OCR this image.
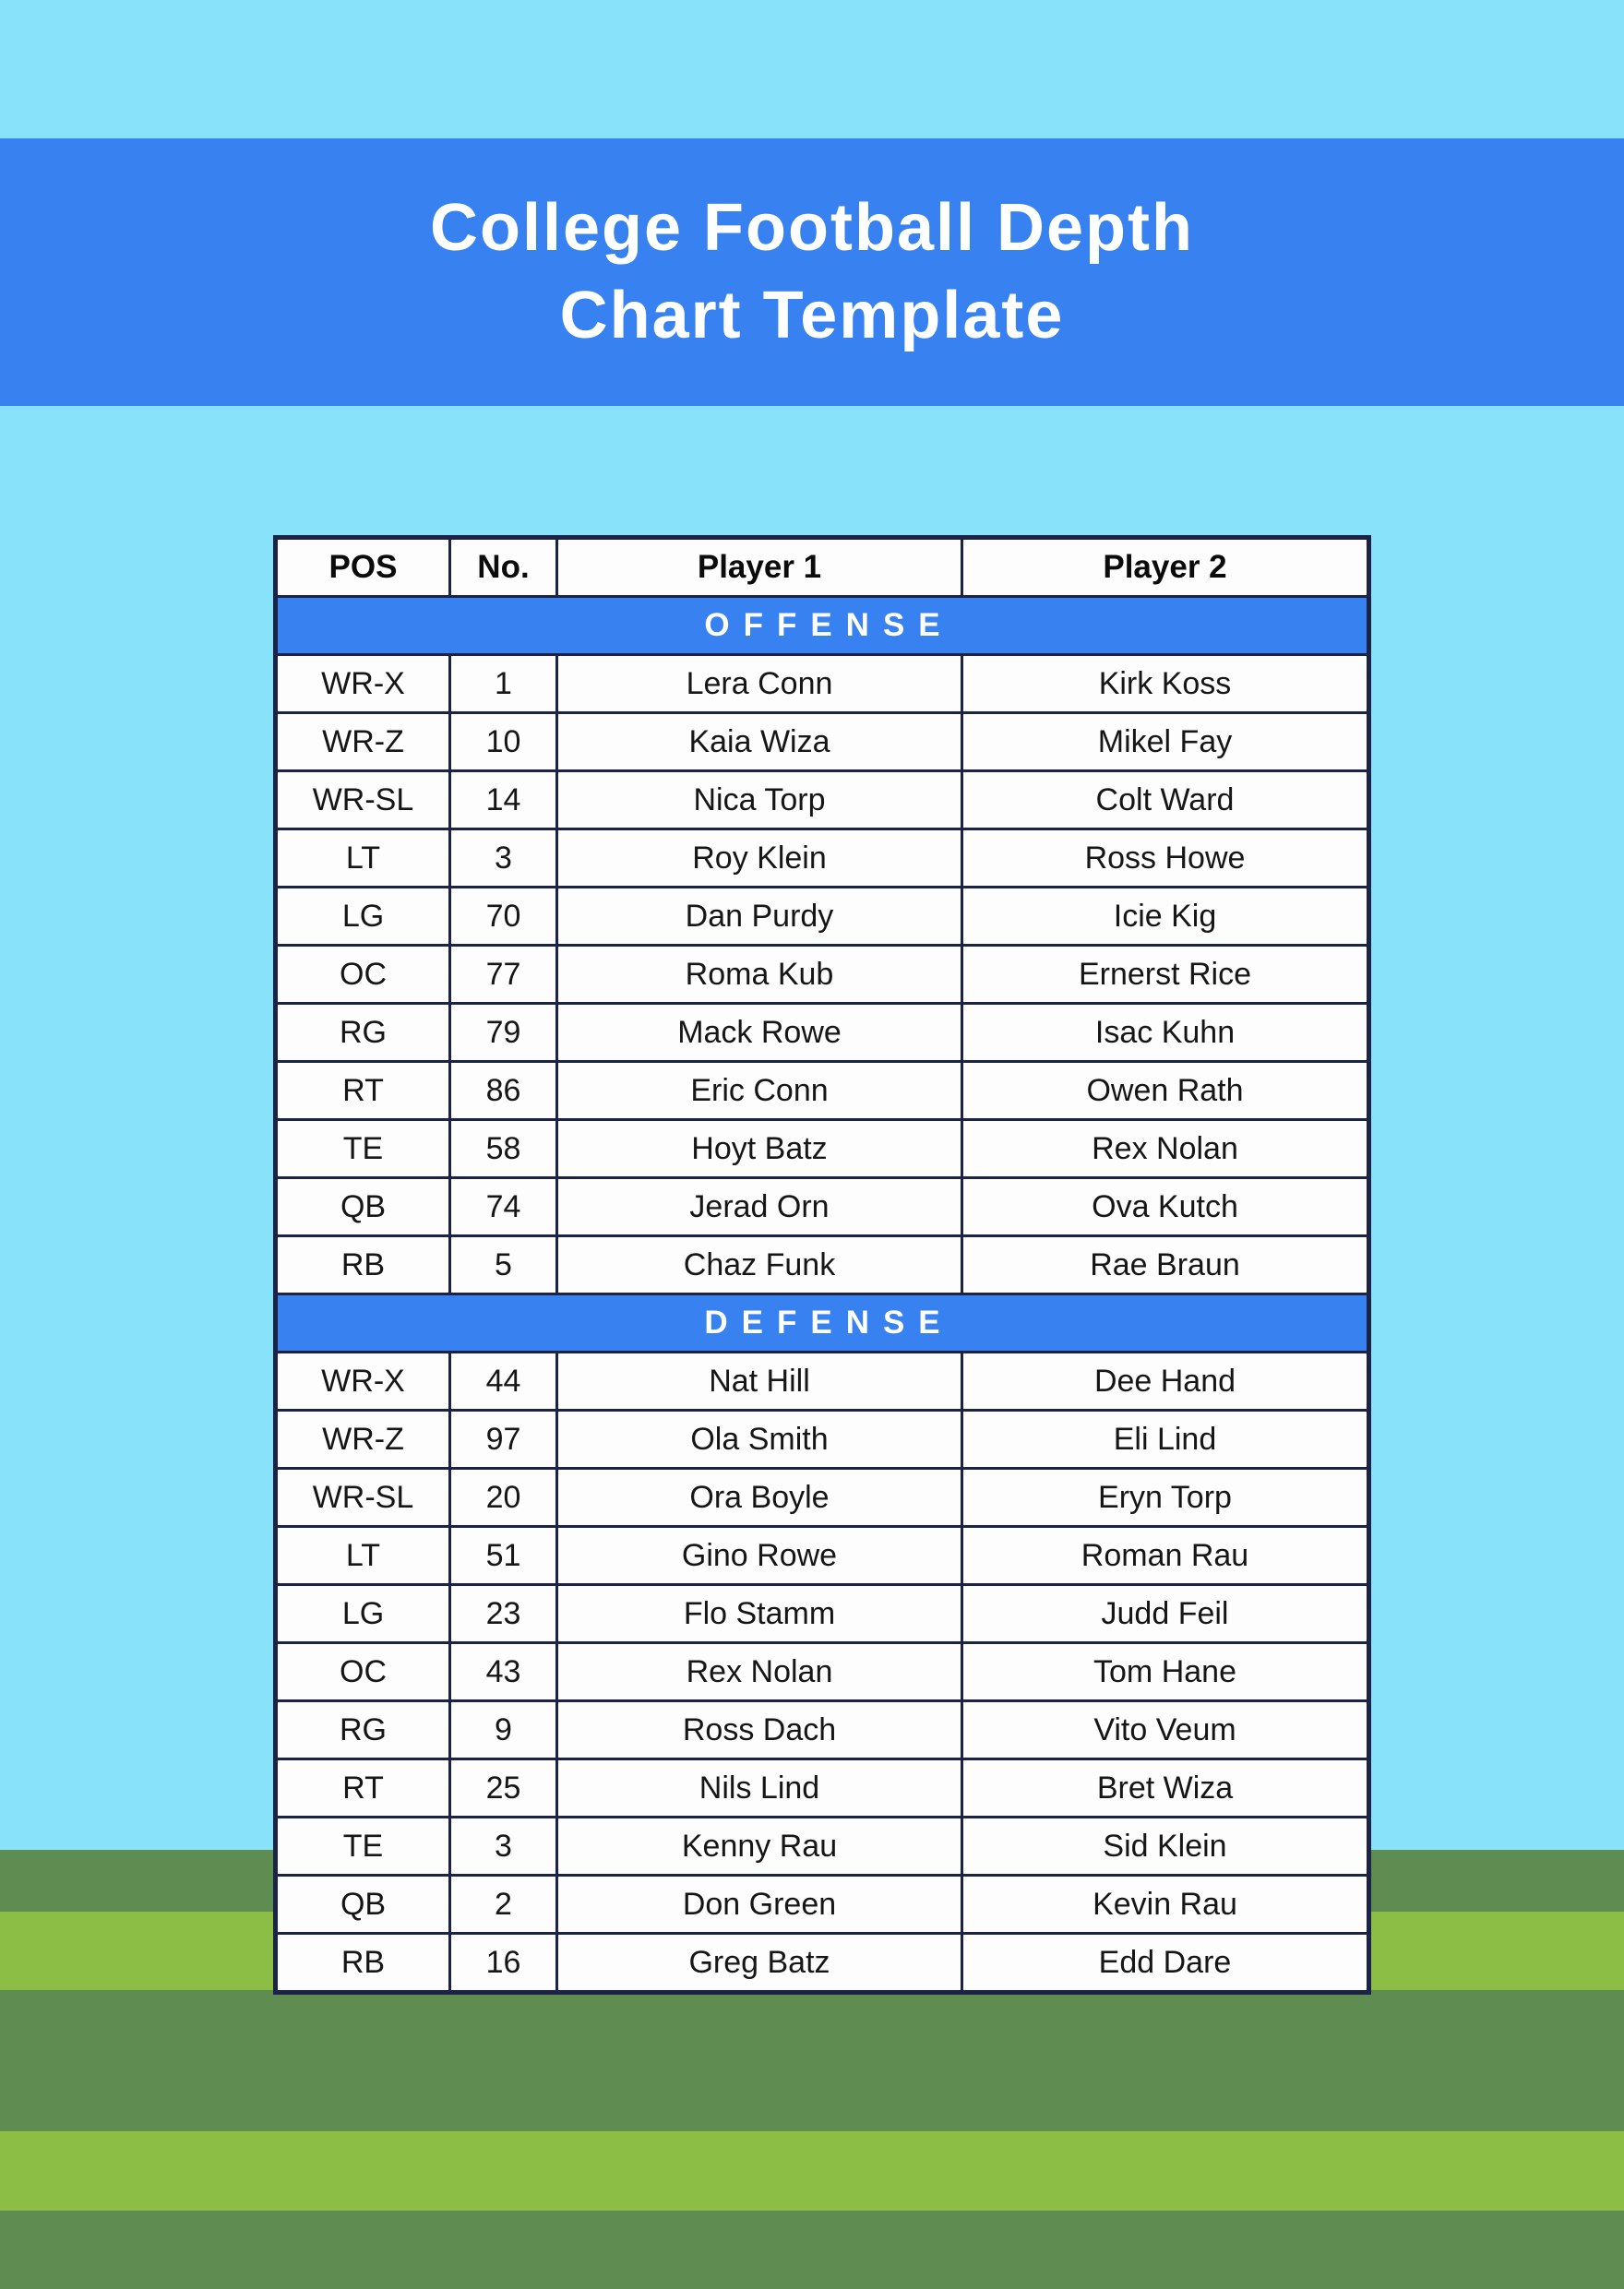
College Football Depth
Chart Template
POS	No.	Player 1	Player 2
OFFENSE			
WR-X	1	Lera Conn	Kirk Koss
WR-Z	10	Kaia Wiza	Mikel Fay
WR-SL	14	Nica Torp	Colt Ward
LT	3	Roy Klein	Ross Howe
LG	70	Dan Purdy	Icie Kig
OC	77	Roma Kub	Ernerst Rice
RG	79	Mack Rowe	Isac Kuhn
RT	86	Eric Conn	Owen Rath
TE	58	Hoyt Batz	Rex Nolan
QB	74	Jerad Orn	Ova Kutch
RB	5	Chaz Funk	Rae Braun
DEFENSE			
WR-X	44	Nat Hill	Dee Hand
WR-Z	97	Ola Smith	Eli Lind
WR-SL	20	Ora Boyle	Eryn Torp
LT	51	Gino Rowe	Roman Rau
LG	23	Flo Stamm	Judd Feil
OC	43	Rex Nolan	Tom Hane
RG	9	Ross Dach	Vito Veum
RT	25	Nils Lind	Bret Wiza
TE	3	Kenny Rau	Sid Klein
QB	2	Don Green	Kevin Rau
RB	16	Greg Batz	Edd Dare
